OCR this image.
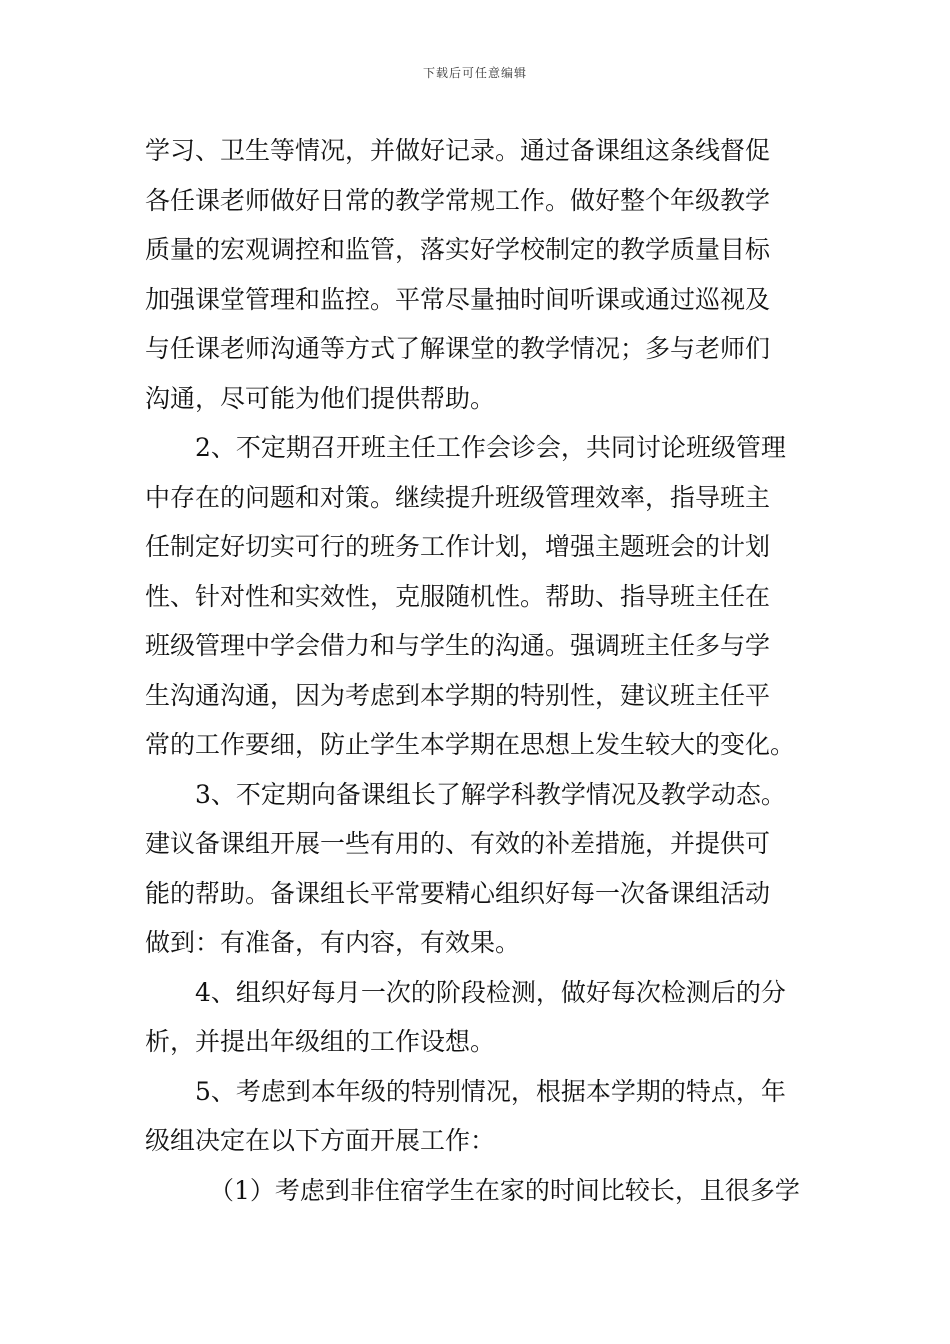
下载后可任意编辑
学习、卫生等情况，并做好记录。通过备课组这条线督促
各任课老师做好日常的教学常规工作。做好整个年级教学
质量的宏观调控和监管，落实好学校制定的教学质量目标
加强课堂管理和监控。平常尽量抽时间听课或通过巡视及
与任课老师沟通等方式了解课堂的教学情况；多与老师们
沟通，尽可能为他们提供帮助。
2、不定期召开班主任工作会诊会，共同讨论班级管理
中存在的问题和对策。继续提升班级管理效率，指导班主
任制定好切实可行的班务工作计划，增强主题班会的计划
性、针对性和实效性，克服随机性。帮助、指导班主任在
班级管理中学会借力和与学生的沟通。强调班主任多与学
生沟通沟通，因为考虑到本学期的特别性，建议班主任平
常的工作要细，防止学生本学期在思想上发生较大的变化。
3、不定期向备课组长了解学科教学情况及教学动态。
建议备课组开展一些有用的、有效的补差措施，并提供可
能的帮助。备课组长平常要精心组织好每一次备课组活动
做到：有准备，有内容，有效果。
4、组织好每月一次的阶段检测，做好每次检测后的分
析，并提出年级组的工作设想。
5、考虑到本年级的特别情况，根据本学期的特点，年
级组决定在以下方面开展工作：
（1）考虑到非住宿学生在家的时间比较长，且很多学
